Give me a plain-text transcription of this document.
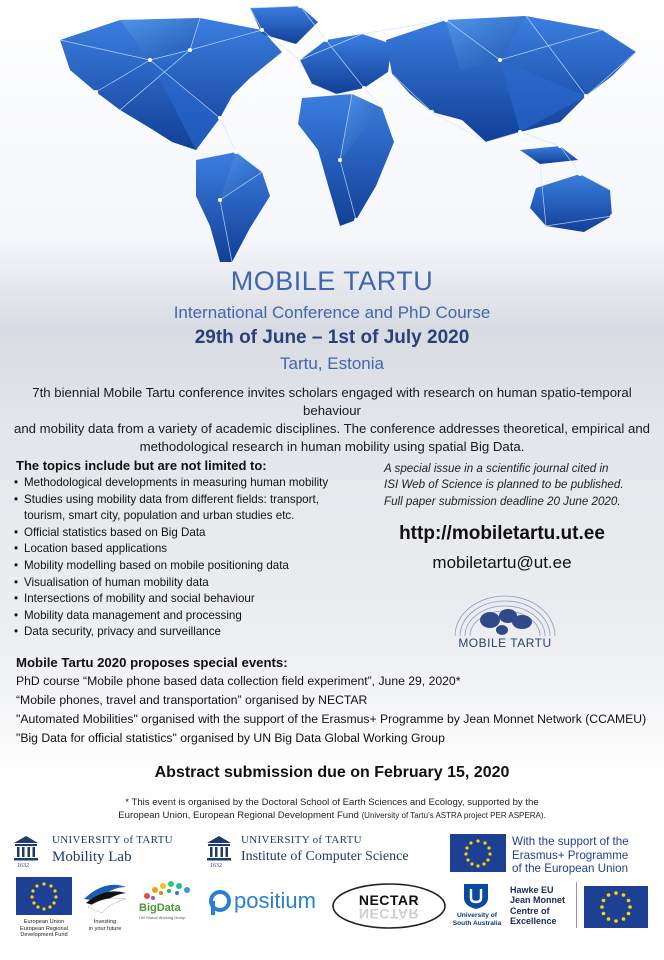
MOBILE TARTU
International Conference and PhD Course
29th of June – 1st of July 2020
Tartu, Estonia
7th biennial Mobile Tartu conference invites scholars engaged with research on human spatio-temporal behaviour
and mobility data from a variety of academic disciplines. The conference addresses theoretical, empirical and
methodological research in human mobility using spatial Big Data.
The topics include but are not limited to:
• Methodological developments in measuring human mobility
• Studies using mobility data from different fields: transport,
tourism, smart city, population and urban studies etc.
• Official statistics based on Big Data
• Location based applications
• Mobility modelling based on mobile positioning data
• Visualisation of human mobility data
• Intersections of mobility and social behaviour
• Mobility data management and processing
• Data security, privacy and surveillance
A special issue in a scientific journal cited in
ISI Web of Science is planned to be published.
Full paper submission deadline 20 June 2020.
http://mobiletartu.ut.ee
mobiletartu@ut.ee
MOBILE TARTU
Mobile Tartu 2020 proposes special events:
PhD course “Mobile phone based data collection field experiment”, June 29, 2020*
“Mobile phones, travel and transportation” organised by NECTAR
"Automated Mobilities" organised with the support of the Erasmus+ Programme by Jean Monnet Network (CCAMEU)
"Big Data for official statistics" organised by UN Big Data Global Working Group
Abstract submission due on February 15, 2020
* This event is organised by the Doctoral School of Earth Sciences and Ecology, supported by the
European Union, European Regional Development Fund (University of Tartu’s ASTRA project PER ASPERA).
1632
UNIVERSITY of TARTU
Mobility Lab
1632
UNIVERSITY of TARTU
Institute of Computer Science
With the support of the
Erasmus+ Programme
of the European Union
European Union
European Regional
Development Fund
Investing
in your future
BigData
UN Global Working Group
positium	NECTAR
NECTAR	University of
South Australia
Hawke EU
Jean Monnet
Centre of
Excellence
